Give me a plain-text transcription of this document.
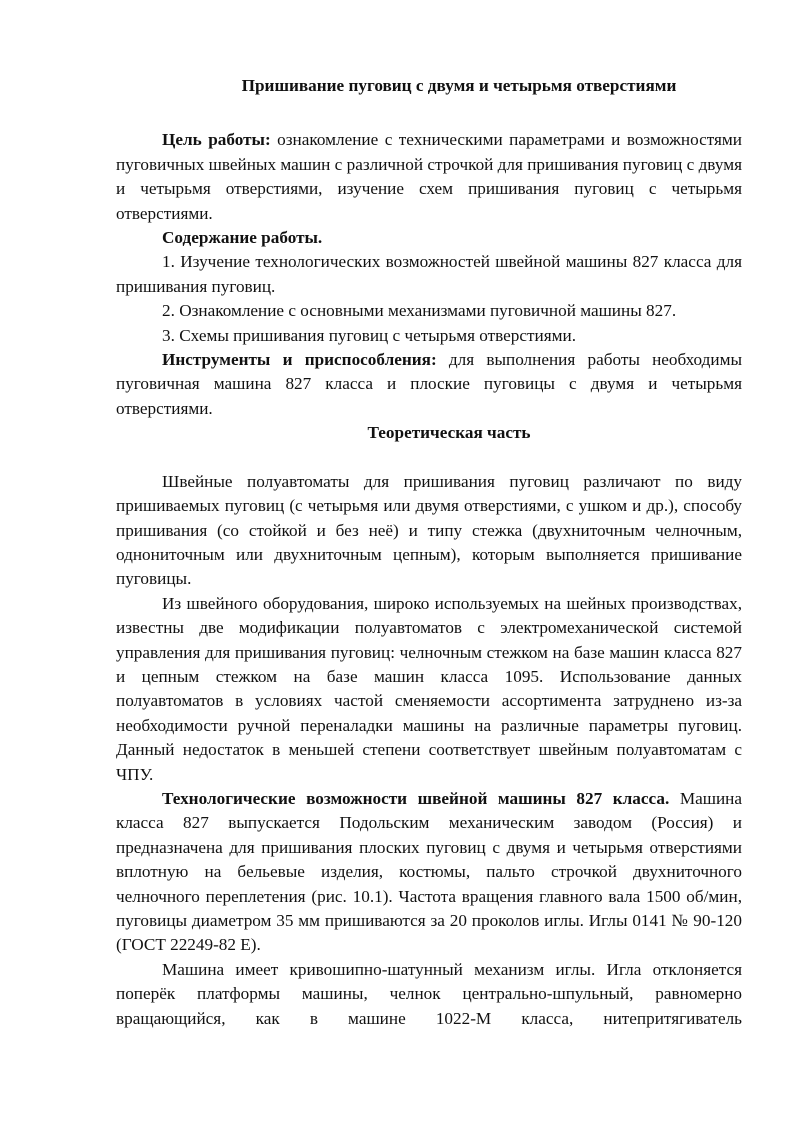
Пришивание пуговиц с двумя и четырьмя отверстиями

Цель работы: ознакомление с техническими параметрами и возможностями пуговичных швейных машин с различной строчкой для пришивания пуговиц с двумя и четырьмя отверстиями, изучение схем пришивания пуговиц с четырьмя отверстиями.

Содержание работы.

1. Изучение технологических возможностей швейной машины 827 класса для пришивания пуговиц.

2. Ознакомление с основными механизмами пуговичной машины 827.

3. Схемы пришивания пуговиц с четырьмя отверстиями.

Инструменты и приспособления: для выполнения работы необходимы пуговичная машина 827 класса и плоские пуговицы с двумя и четырьмя отверстиями.

Теоретическая часть

Швейные полуавтоматы для пришивания пуговиц различают по виду пришиваемых пуговиц (с четырьмя или двумя отверстиями, с ушком и др.), способу пришивания (со стойкой и без неё) и типу стежка (двухниточным челночным, однониточным или двухниточным цепным), которым выполняется пришивание пуговицы.

Из швейного оборудования, широко используемых на шейных производствах, известны две модификации полуавтоматов с электромеханической системой управления для пришивания пуговиц: челночным стежком на базе машин класса 827 и цепным стежком на базе машин класса 1095. Использование данных полуавтоматов в условиях частой сменяемости ассортимента затруднено из-за необходимости ручной переналадки машины на различные параметры пуговиц. Данный недостаток в меньшей степени соответствует швейным полуавтоматам с ЧПУ.

Технологические возможности швейной машины 827 класса. Машина класса 827 выпускается Подольским механическим заводом (Россия) и предназначена для пришивания плоских пуговиц с двумя и четырьмя отверстиями вплотную на бельевые изделия, костюмы, пальто строчкой двухниточного челночного переплетения (рис. 10.1). Частота вращения главного вала 1500 об/мин, пуговицы диаметром 35 мм пришиваются за 20 проколов иглы. Иглы 0141 № 90-120 (ГОСТ 22249-82 Е).

Машина имеет кривошипно-шатунный механизм иглы. Игла отклоняется поперёк платформы машины, челнок центрально-шпульный, равномерно вращающийся, как в машине 1022-М класса, нитепритягиватель
